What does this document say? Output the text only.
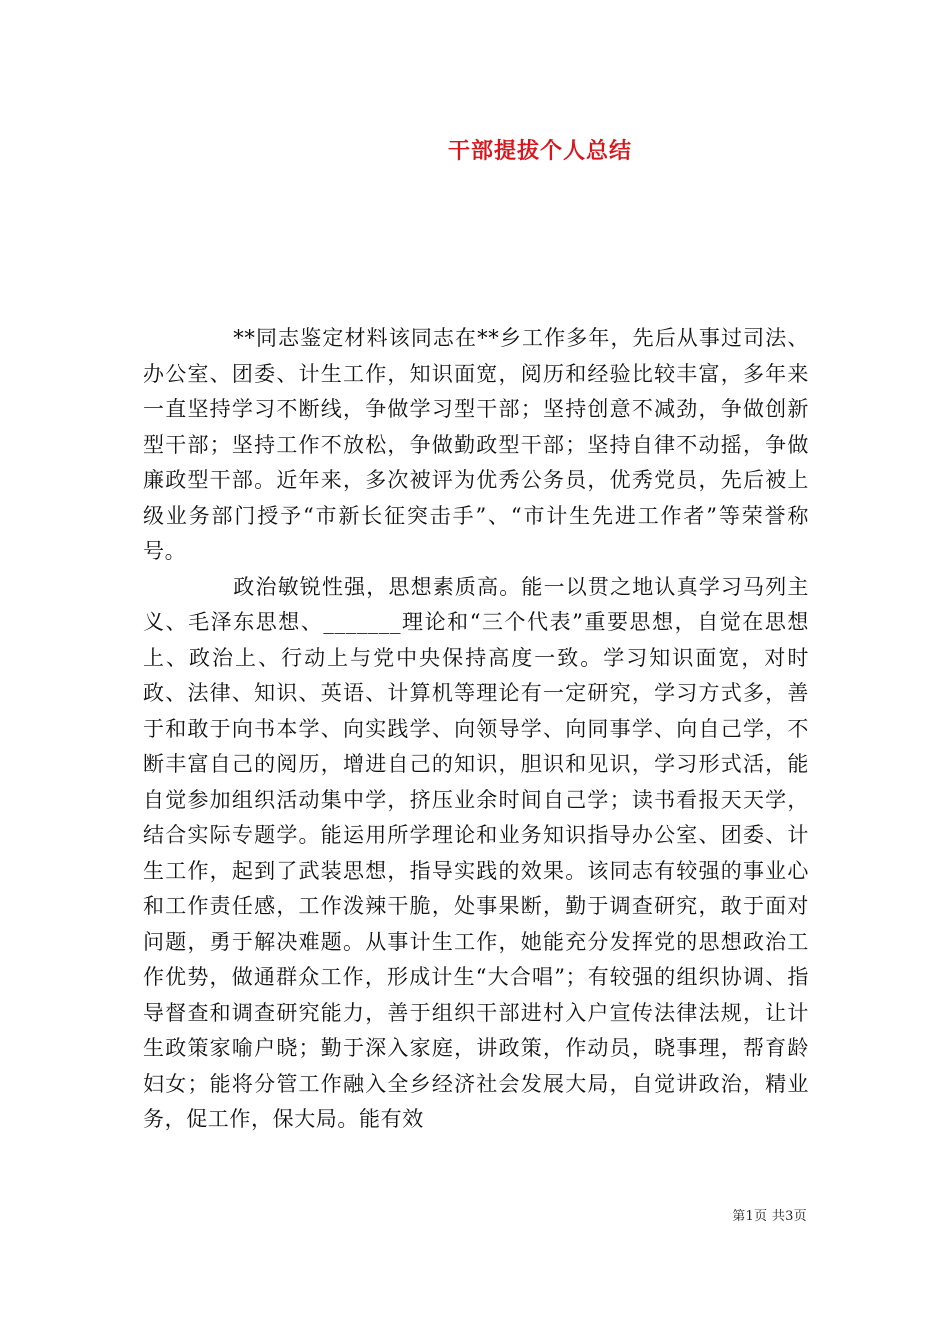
干部提拔个人总结

**同志鉴定材料该同志在**乡工作多年，先后从事过司法、办公室、团委、计生工作，知识面宽，阅历和经验比较丰富，多年来一直坚持学习不断线，争做学习型干部；坚持创意不减劲，争做创新型干部；坚持工作不放松，争做勤政型干部；坚持自律不动摇，争做廉政型干部。近年来，多次被评为优秀公务员，优秀党员，先后被上级业务部门授予“市新长征突击手”、“市计生先进工作者”等荣誉称号。

政治敏锐性强，思想素质高。能一以贯之地认真学习马列主义、毛泽东思想、_______理论和“三个代表”重要思想，自觉在思想上、政治上、行动上与党中央保持高度一致。学习知识面宽，对时政、法律、知识、英语、计算机等理论有一定研究，学习方式多，善于和敢于向书本学、向实践学、向领导学、向同事学、向自己学，不断丰富自己的阅历，增进自己的知识，胆识和见识，学习形式活，能自觉参加组织活动集中学，挤压业余时间自己学；读书看报天天学，结合实际专题学。能运用所学理论和业务知识指导办公室、团委、计生工作，起到了武装思想，指导实践的效果。该同志有较强的事业心和工作责任感，工作泼辣干脆，处事果断，勤于调查研究，敢于面对问题，勇于解决难题。从事计生工作，她能充分发挥党的思想政治工作优势，做通群众工作，形成计生“大合唱”；有较强的组织协调、指导督查和调查研究能力，善于组织干部进村入户宣传法律法规，让计生政策家喻户晓；勤于深入家庭，讲政策，作动员，晓事理，帮育龄妇女；能将分管工作融入全乡经济社会发展大局，自觉讲政治，精业务，促工作，保大局。能有效

第1页 共3页
